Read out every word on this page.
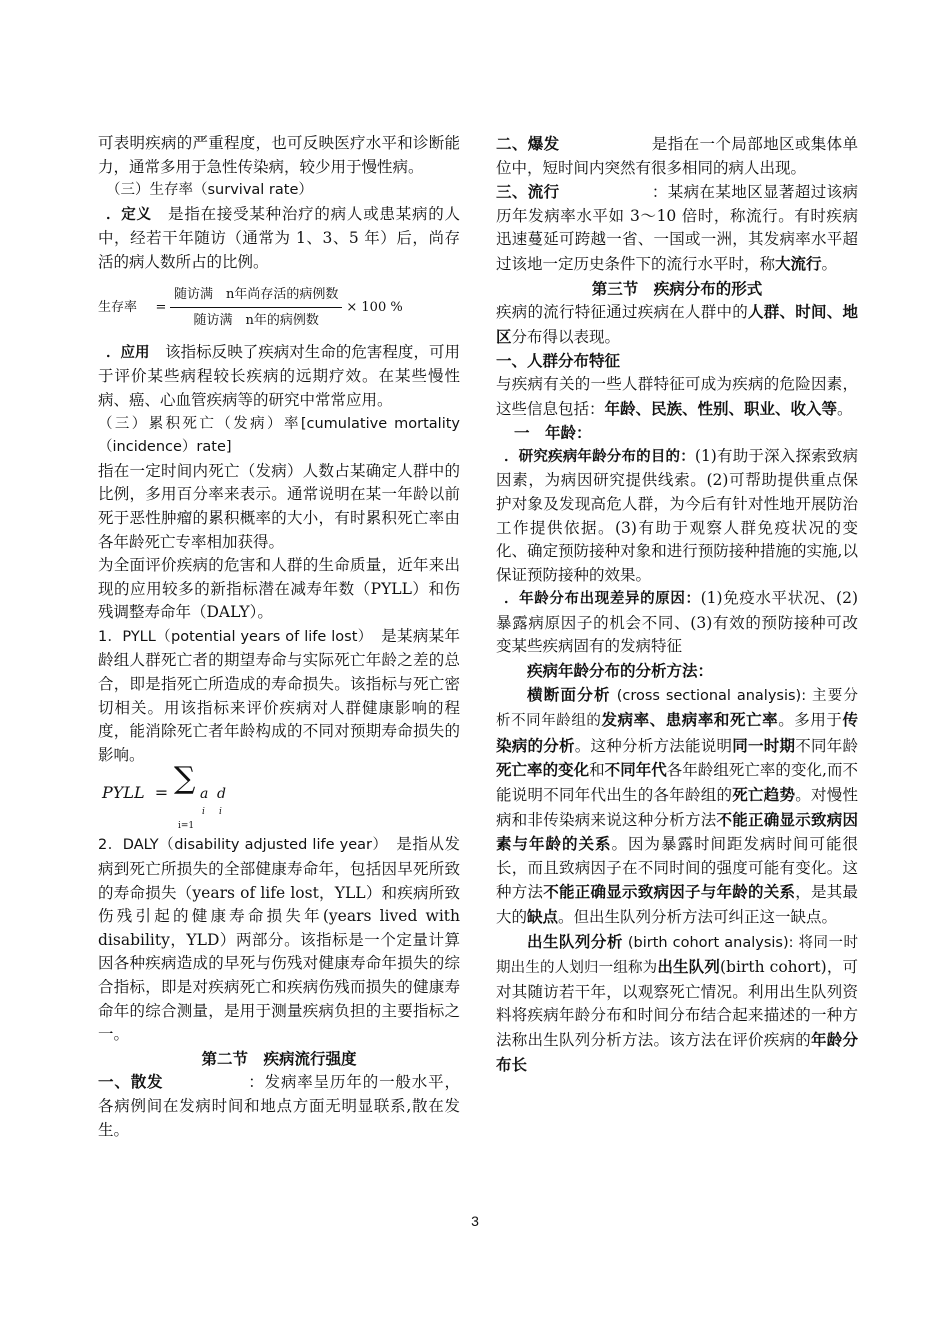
可表明疾病的严重程度，也可反映医疗水平和诊断能力，通常多用于急性传染病，较少用于慢性病。

（三）生存率（survival rate）

．定义　是指在接受某种治疗的病人或患某病的人中，经若干年随访（通常为 1、3、5 年）后，尚存活的病人数所占的比例。

生存率	= $\frac{\text{随访满　n年尚存活的病例数}}{\text{随访满　n年的病例数}} \times 100$ %

．应用　该指标反映了疾病对生命的危害程度，可用于评价某些病程较长疾病的远期疗效。在某些慢性病、癌、心血管疾病等的研究中常常应用。

（三）累积死亡（发病）率[cumulative mortality（incidence）rate]

指在一定时间内死亡（发病）人数占某确定人群中的比例，多用百分率来表示。通常说明在某一年龄以前死于恶性肿瘤的累积概率的大小，有时累积死亡率由各年龄死亡专率相加获得。

为全面评价疾病的危害和人群的生命质量，近年来出现的应用较多的新指标潜在减寿年数（PYLL）和伤残调整寿命年（DALY）。

1．PYLL（potential years of life lost）　是某病某年龄组人群死亡者的期望寿命与实际死亡年龄之差的总合，即是指死亡所造成的寿命损失。该指标与死亡密切相关。用该指标来评价疾病对人群健康影响的程度，能消除死亡者年龄构成的不同对预期寿命损失的影响。

PYLL = ∑ a d
i i
i=1

2．DALY（disability adjusted life year）　是指从发病到死亡所损失的全部健康寿命年，包括因早死所致的寿命损失（years of life lost，YLL）和疾病所致伤残引起的健康寿命损失年(years lived with disability，YLD）两部分。该指标是一个定量计算因各种疾病造成的早死与伤残对健康寿命年损失的综合指标，即是对疾病死亡和疾病伤残而损失的健康寿命年的综合测量，是用于测量疾病负担的主要指标之一。

第二节　疾病流行强度

一、散发	：发病率呈历年的一般水平，各病例间在发病时间和地点方面无明显联系,散在发生。

二、爆发	是指在一个局部地区或集体单位中，短时间内突然有很多相同的病人出现。

三、流行	：某病在某地区显著超过该病历年发病率水平如 3～10 倍时，称流行。有时疾病迅速蔓延可跨越一省、一国或一洲，其发病率水平超过该地一定历史条件下的流行水平时，称大流行。

第三节　疾病分布的形式

疾病的流行特征通过疾病在人群中的人群、时间、地区分布得以表现。

一、人群分布特征

与疾病有关的一些人群特征可成为疾病的危险因素，这些信息包括：年龄、民族、性别、职业、收入等。

一　年龄：

．研究疾病年龄分布的目的：(1)有助于深入探索致病因素，为病因研究提供线索。(2)可帮助提供重点保护对象及发现高危人群，为今后有针对性地开展防治工作提供依据。(3)有助于观察人群免疫状况的变化、确定预防接种对象和进行预防接种措施的实施,以保证预防接种的效果。

．年龄分布出现差异的原因：(1)免疫水平状况、(2)暴露病原因子的机会不同、(3)有效的预防接种可改变某些疾病固有的发病特征

疾病年龄分布的分析方法：

横断面分析 (cross sectional analysis): 主要分析不同年龄组的发病率、患病率和死亡率。多用于传染病的分析。这种分析方法能说明同一时期不同年龄死亡率的变化和不同年代各年龄组死亡率的变化,而不能说明不同年代出生的各年龄组的死亡趋势。对慢性病和非传染病来说这种分析方法不能正确显示致病因素与年龄的关系。因为暴露时间距发病时间可能很长，而且致病因子在不同时间的强度可能有变化。这种方法不能正确显示致病因子与年龄的关系，是其最大的缺点。但出生队列分析方法可纠正这一缺点。

出生队列分析 (birth cohort analysis): 将同一时期出生的人划归一组称为出生队列(birth cohort)，可对其随访若干年，以观察死亡情况。利用出生队列资料将疾病年龄分布和时间分布结合起来描述的一种方法称出生队列分析方法。该方法在评价疾病的年龄分布长

3
